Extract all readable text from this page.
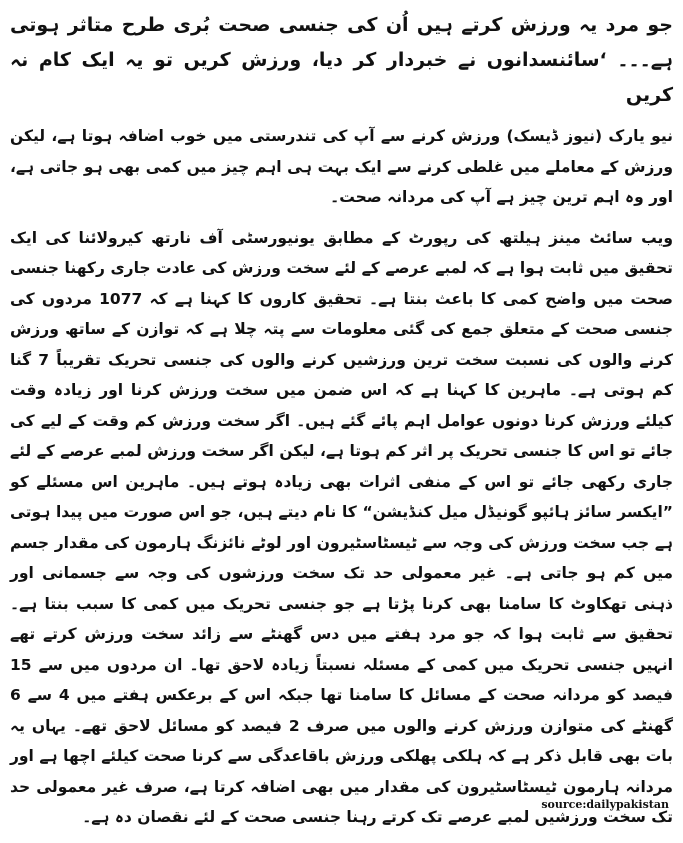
جو مرد یہ ورزش کرتے ہیں اُن کی جنسی صحت بُری طرح متاثر ہوتی ہے۔۔۔ ‘سائنسدانوں نے خبردار کر دیا، ورزش کریں تو یہ ایک کام نہ کریں
نیو یارک (نیوز ڈیسک) ورزش کرنے سے آپ کی تندرستی میں خوب اضافہ ہوتا ہے، لیکن ورزش کے معاملے میں غلطی کرنے سے ایک بہت ہی اہم چیز میں کمی بھی ہو جاتی ہے، اور وہ اہم ترین چیز ہے آپ کی مردانہ صحت۔
ویب سائٹ مینز ہیلتھ کی رپورٹ کے مطابق یونیورسٹی آف نارتھ کیرولائنا کی ایک تحقیق میں ثابت ہوا ہے کہ لمبے عرصے کے لئے سخت ورزش کی عادت جاری رکھنا جنسی صحت میں واضح کمی کا باعث بنتا ہے۔ تحقیق کاروں کا کہنا ہے کہ 1077 مردوں کی جنسی صحت کے متعلق جمع کی گئی معلومات سے پتہ چلا ہے کہ توازن کے ساتھ ورزش کرنے والوں کی نسبت سخت ترین ورزشیں کرنے والوں کی جنسی تحریک تقریباً 7 گنا کم ہوتی ہے۔ ماہرین کا کہنا ہے کہ اس ضمن میں سخت ورزش کرنا اور زیادہ وقت کیلئے ورزش کرنا دونوں عوامل اہم پائے گئے ہیں۔ اگر سخت ورزش کم وقت کے لیے کی جائے تو اس کا جنسی تحریک پر اثر کم ہوتا ہے، لیکن اگر سخت ورزش لمبے عرصے کے لئے جاری رکھی جائے تو اس کے منفی اثرات بھی زیادہ ہوتے ہیں۔ ماہرین اس مسئلے کو ”ایکسر سائز ہائپو گونیڈل میل کنڈیشن“ کا نام دیتے ہیں، جو اس صورت میں پیدا ہوتی ہے جب سخت ورزش کی وجہ سے ٹیسٹاسٹیرون اور لوٹے نائزنگ ہارمون کی مقدار جسم میں کم ہو جاتی ہے۔ غیر معمولی حد تک سخت ورزشوں کی وجہ سے جسمانی اور ذہنی تھکاوٹ کا سامنا بھی کرنا پڑتا ہے جو جنسی تحریک میں کمی کا سبب بنتا ہے۔ تحقیق سے ثابت ہوا کہ جو مرد ہفتے میں دس گھنٹے سے زائد سخت ورزش کرتے تھے انہیں جنسی تحریک میں کمی کے مسئلہ نسبتاً زیادہ لاحق تھا۔ ان مردوں میں سے 15 فیصد کو مردانہ صحت کے مسائل کا سامنا تھا جبکہ اس کے برعکس ہفتے میں 4 سے 6 گھنٹے کی متوازن ورزش کرنے والوں میں صرف 2 فیصد کو مسائل لاحق تھے۔ یہاں یہ بات بھی قابل ذکر ہے کہ ہلکی پھلکی ورزش باقاعدگی سے کرنا صحت کیلئے اچھا ہے اور مردانہ ہارمون ٹیسٹاسٹیرون کی مقدار میں بھی اضافہ کرتا ہے، صرف غیر معمولی حد تک سخت ورزشیں لمبے عرصے تک کرتے رہنا جنسی صحت کے لئے نقصان دہ ہے۔
source:dailypakistan
